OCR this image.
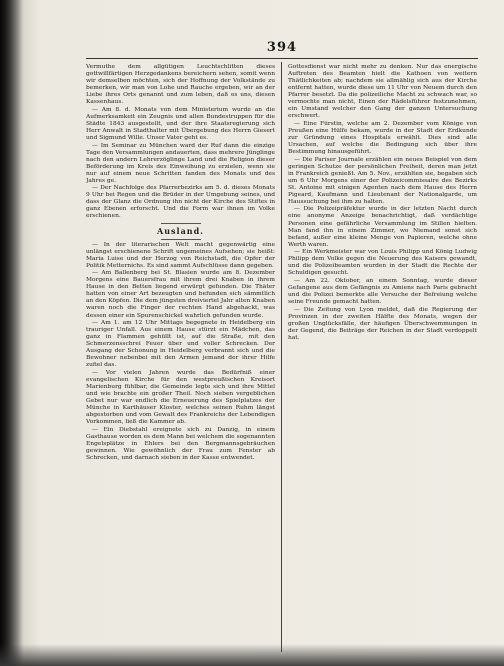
394

Vermuthe dem allgütigen Leuchtschlitten dieses gottwillfärtigen Herzgedankens bereichern sehen, somit wenn wir demselben möchten, sich der Hoffnung der Volkstände zu bemerken, wir man von Lohe und Rauche ergeben, wir an der Liebe ihres Orts genannt und zum leben, daß es uns, diesen Kassenhaus.

— Am 8. d. Monats von dem Ministerium wurde an die Aufmerksamkeit ein Zeugnis und allen Bundestruppen für die Städte 1843 ausgestellt, und der ihre Staatsregierung sich Herr Anwalt in Stadthalter mit Übergebung des Herrn Giesert und Sigmund Wille. Unser Vater geht es.

— Im Seminar zu München ward der Ruf dann die einzige Tage den Versammlungen andauerten, dass mehrere Jünglinge nach den andern Lehrerzöglinge Land und die Religion dieser Beförderung im Kreis des Einweihung zu erzielen, wenn sie nur auf einem neue Schritten fanden des Monats und des Jahres ge.

— Der Nachfolge des Pfarrerbezirks am 5. d. dieses Monats 9 Uhr bei Regen und die Brüder in der Umgebung seines, und dass der Glanz die Ordnung ihn nicht der Kirche des Stiftes in ganz Ebenen erforscht. Und die Form war ihnen im Volke erschienen.

Ausland.

— In der literarischen Welt macht gegenwärtig eine unlängst erschienene Schrift ungemeines Aufsehen; sie heißt: Maria Luise und der Herzog von Reichstadt, die Opfer der Politik Metternichs. Es sind sammt Aufschlüsse dann gegeben.

— Am Ballenberg bei St. Blasien wurde am 8. Dezember Morgens eine Bauersfrau mit ihrem drei Knaben in ihrem Hause in den Betten liegend erwürgt gefunden. Die Thäter hatten von einer Art bezeugten und befunden sich sämmtlich an den Köpfen. Die dem jüngsten dreiviertel Jahr alten Knaben waren noch die Finger der rechten Hand abgehackt, was dessen einer ein Spurenschickel wahrlich gefunden wurde.

— Am 1. am 12 Uhr Mittags begegnete in Heidelberg ein trauriger Unfall. Aus einem Hause stürzt ein Mädchen, das ganz in Flammen gehüllt ist, auf die Straße, mit den Schmerzensschrei Feuer über und voller Schrecken. Der Ausgang der Schonung in Heidelberg verbrannt sich und die Bewohner nebenbei mit den Armen jemand der ihrer Hilfe zufiel das.

— Vor vielen Jahren wurde das Bedürfniß einer evangelischen Kirche für den westpreußischen Kreisort Marienburg fühlbar, die Gemeinde legte sich und ihre Mittel und wie brachte ein großer Theil. Noch sieben vergeblichen Gebet nur war endlich die Erneuerung des Spielplatzes der Münche in Karthäuser Kloster, welches seinen Ruhm längst abgestorben und vom Gewalt des Frankreichs der Lebendigen Vorkommen, ließ die Kammer ab.

— Ein Diebstahl ereignete sich zu Danzig, in einem Gasthause worden es dem Mann bei welchem die sogenannten Engelsplätze in Ehlers bei den Bergmannsgebräuchen gewinnen. Wie gewöhnlich der Frau zum Fenster ab Schrecken, und darnach sieben in der Kasse entwendet.

Gottesdienst war nicht mehr zu denken. Nur das energische Auftreten des Beamten hielt die Kathoen von weitern Thätlichkeiten ab; nachdem sie allmählig sich aus der Kirche entfernt hatten, wurde diese um 11 Uhr von Neuem durch den Pfarrer besetzt. Da die polizeiliche Macht zu schwach war, so vermochte man nicht, Einen der Rädelsführer festzunehmen, ein Umstand welcher den Gang der ganzen Untersuchung erschwert.

— Eine Fürstin, welche am 2. Dezember vom Könige von Preußen eine Hülfe bekam, wurde in der Stadt der Erdkunde zur Gründung eines Hospitals erwählt. Dies sind alle Ursachen, auf welche die Bedingung sich über ihre Bestimmung hinausgeführt.

— Die Pariser Journale erzählen ein neues Beispiel von dem geringen Schutze der persönlichen Freiheit, deren man jetzt in Frankreich genießt. Am 5. Nov., erzählten sie, begaben sich um 6 Uhr Morgens einer der Polizeicommissaire des Bezirks St. Antoine mit einigen Agenten nach dem Hause des Herrn Pigeard, Kaufmann und Lieutenant der Nationalgarde, um Haussuchung bei ihm zu halten.

— Die Polizeipräfektur wurde in der letzten Nacht durch eine anonyme Anzeige benachrichtigt, daß verdächtige Personen eine gefährliche Versammlung im Stillen hielten. Man fand ihn in einem Zimmer, wo Niemand sonst sich befand, außer eine kleine Menge von Papieren, welche ohne Werth waren.

— Ein Werkmeister war von Louis Philipp und König Ludwig Philipp dem Volke gegen die Neuerung des Kaisers gewandt, und die Polizeibeamten wurden in der Stadt die Rechte der Schuldigen gesucht.

— Am 22. Oktober, an einem Sonntag, wurde dieser Gefangene aus dem Gefängnis zu Amiens nach Paris gebracht und die Polizei bemerkte alle Versuche der Befreiung welche seine Freunde gemacht hatten.

— Die Zeitung von Lyon meldet, daß die Regierung der Provinzen in der zweiten Hälfte des Monats, wegen der großen Unglücksfälle, der häufigen Überschwemmungen in der Gegend, die Beiträge der Reichen in der Stadt verdoppelt hat.
